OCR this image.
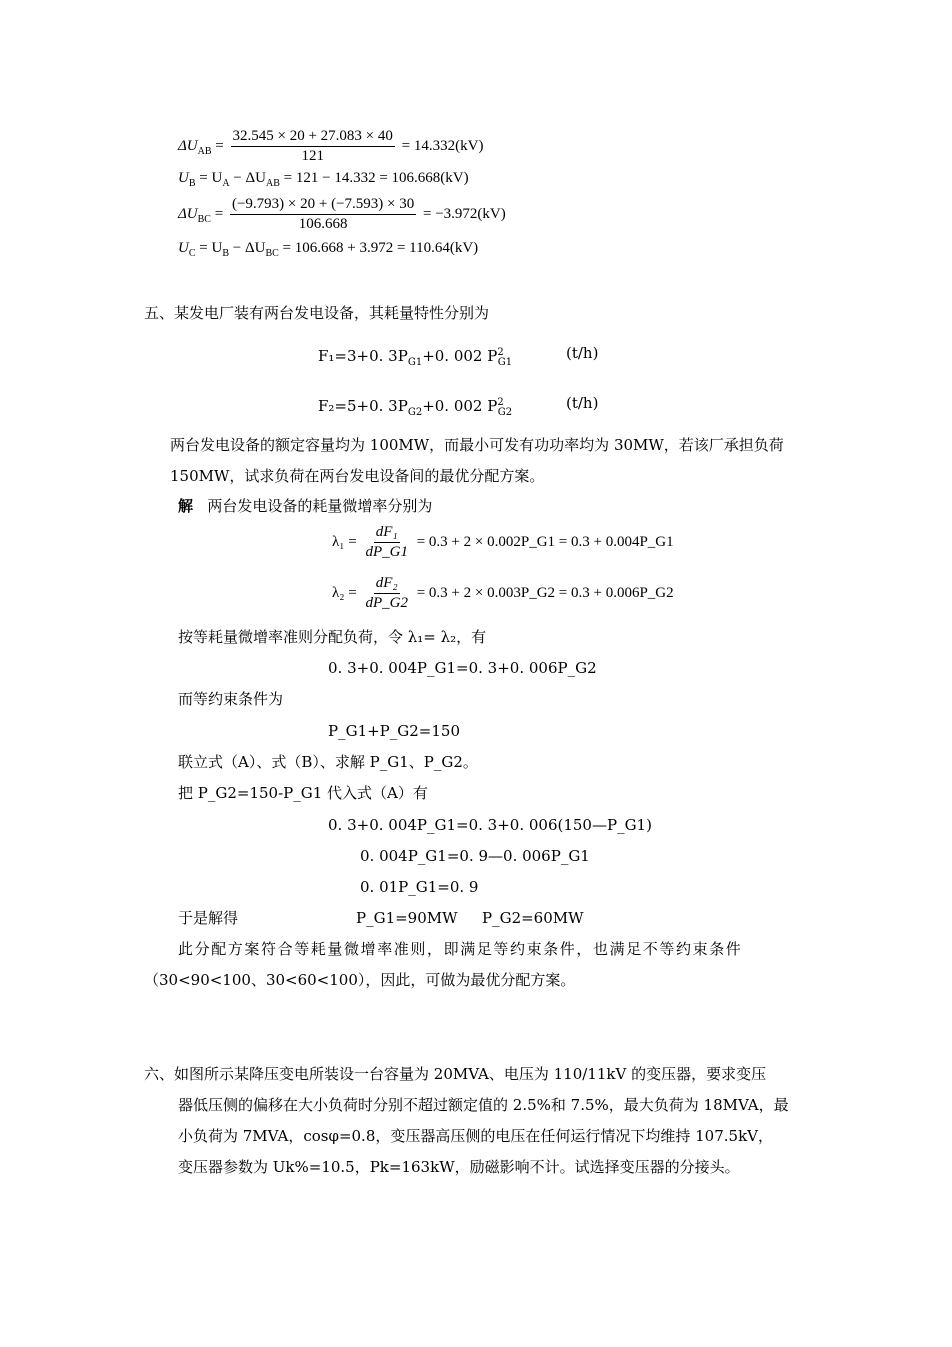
$\Delta U_{AB} = \frac{32.545 \times 20 + 27.083 \times 40}{121} = 14.332(kV)$
$U_B = U_A - \Delta U_{AB} = 121 - 14.332 = 106.668(kV)$
$\Delta U_{BC} = \frac{(-9.793) \times 20 + (-7.593) \times 30}{106.668} = -3.972(kV)$
$U_C = U_B - \Delta U_{BC} = 106.668 + 3.972 = 110.64(kV)$
五、某发电厂装有两台发电设备，其耗量特性分别为
F₁=3+0. $3P_{G1}+0$. 002 $P^2_{G1}$
(t/h)
F₂=5+0. $3P_{G2}+0$. 002 $P^2_{G2}$
(t/h)
两台发电设备的额定容量均为 100MW，而最小可发有功功率均为 30MW，若该厂承担负荷
150MW，试求负荷在两台发电设备间的最优分配方案。
解 两台发电设备的耗量微增率分别为
$\lambda_1 = \frac{\text{dF₁}}{dP\_G1} = 0.3 + 2$ × 0.002P_G1 = 0.3 + 0.004P_G1
$\lambda_2 = \frac{\text{dF₂}}{dP\_G2} = 0.3 + 2$ × 0.003P_G2 = 0.3 + 0.006P_G2
按等耗量微增率准则分配负荷，令 λ₁= λ₂，有
0. 3+0. 004P_G1=0. 3+0. 006P_G2
而等约束条件为
P_G1+P_G2=150
联立式（A）、式（B）、求解 P_G1、P_G2。
把 P_G2=150-P_G1 代入式（A）有
0. 3+0. 004P_G1=0. 3+0. 006(150—P_G1)
0. 004P_G1=0. 9—0. 006P_G1
0. 01P_G1=0. 9
于是解得	P_G1=90MW P_G2=60MW
此分配方案符合等耗量微增率准则，即满足等约束条件，也满足不等约束条件
（30<90<100、30<60<100），因此，可做为最优分配方案。
六、如图所示某降压变电所装设一台容量为 20MVA、电压为 110/11kV 的变压器，要求变压
器低压侧的偏移在大小负荷时分别不超过额定值的 2.5%和 7.5%，最大负荷为 18MVA，最
小负荷为 7MVA，cosφ=0.8，变压器高压侧的电压在任何运行情况下均维持 107.5kV，
变压器参数为 Uk%=10.5，Pk=163kW，励磁影响不计。试选择变压器的分接头。
